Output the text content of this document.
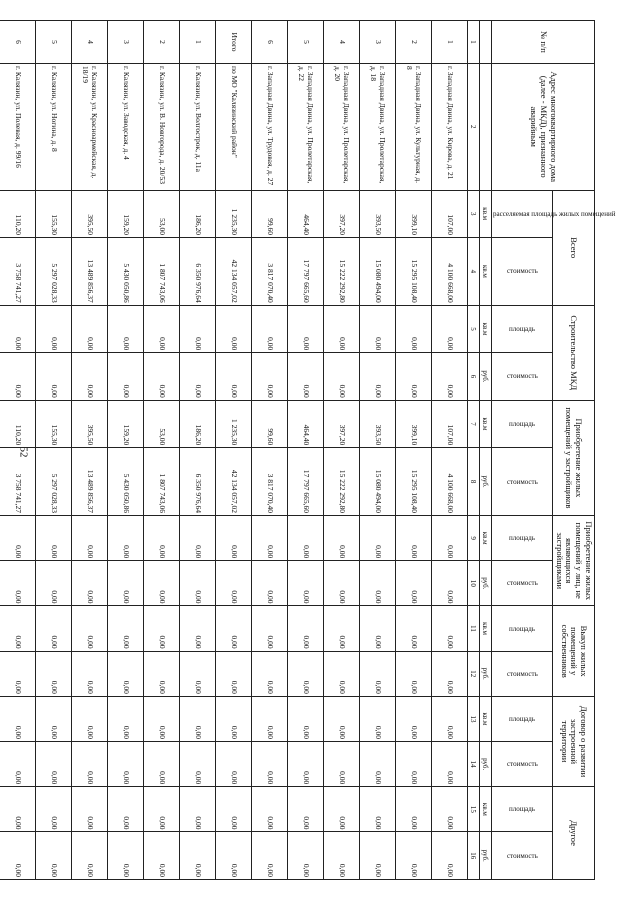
52
№ п/п	Адрес многоквартирного дома (далее - МКД), признанного аварийным	Всего		Строительство МКД		Приобретение жилых помещений у застройщиков		Приобретение жилых помещений у лиц, не являющихся застройщиками		Выкуп жилых помещений у собственников		Договор о развитии застроенной территории		Другое	

		расселяемая площадь жилых помещений	стоимость	площадь	стоимость	площадь	стоимость	площадь	стоимость	площадь	стоимость	площадь	стоимость	площадь	стоимость

		кв.м	кв.м	кв.м	руб.	кв.м	руб.	кв.м	руб.	кв.м	руб.	кв.м	руб.	кв.м	руб.
1	2	3	4	5	6	7	8	9	10	11	12	13	14	15	16
1	г. Западная Двина, ул. Кирова, д. 21	107,00	4 100 668,00	0,00	0,00	107,00	4 100 668,00	0,00	0,00	0,00	0,00	0,00	0,00	0,00	0,00
2	г. Западная Двина, ул. Культурная, д. 8	399,10	15 295 108,40	0,00	0,00	399,10	15 295 108,40	0,00	0,00	0,00	0,00	0,00	0,00	0,00	0,00
3	г. Западная Двина, ул. Пролетарская, д. 18	393,50	15 080 494,00	0,00	0,00	393,50	15 080 494,00	0,00	0,00	0,00	0,00	0,00	0,00	0,00	0,00
4	г. Западная Двина, ул. Пролетарская, д. 20	397,20	15 222 292,80	0,00	0,00	397,20	15 222 292,80	0,00	0,00	0,00	0,00	0,00	0,00	0,00	0,00
5	г. Западная Двина, ул. Пролетарская, д. 22	464,40	17 797 665,60	0,00	0,00	464,40	17 797 665,60	0,00	0,00	0,00	0,00	0,00	0,00	0,00	0,00
6	г. Западная Двина, ул. Трудовая, д. 27	99,60	3 817 070,40	0,00	0,00	99,60	3 817 070,40	0,00	0,00	0,00	0,00	0,00	0,00	0,00	0,00
Итого	по МО "Калязинский район"	1 235,30	42 134 057,02	0,00	0,00	1 235,30	42 134 057,02	0,00	0,00	0,00	0,00	0,00	0,00	0,00	0,00
1	г. Калязин, ул. Волгострок, д. 11а	186,20	6 350 976,64	0,00	0,00	186,20	6 350 976,64	0,00	0,00	0,00	0,00	0,00	0,00	0,00	0,00
2	г. Калязин, ул. В. Новгорода, д. 20/53	53,00	1 807 743,06	0,00	0,00	53,00	1 807 743,06	0,00	0,00	0,00	0,00	0,00	0,00	0,00	0,00
3	г. Калязин, ул. Заводская, д. 4	159,20	5 430 050,86	0,00	0,00	159,20	5 430 050,86	0,00	0,00	0,00	0,00	0,00	0,00	0,00	0,00
4	г. Калязин, ул. Красноармейская, д. 18/19	395,50	13 489 856,37	0,00	0,00	395,50	13 489 856,37	0,00	0,00	0,00	0,00	0,00	0,00	0,00	0,00
5	г. Калязин, ул. Ногина, д. 8	155,30	5 297 028,33	0,00	0,00	155,30	5 297 028,33	0,00	0,00	0,00	0,00	0,00	0,00	0,00	0,00
6	г. Калязин, ул. Полевая, д. 99/16	110,20	3 758 741,27	0,00	0,00	110,20	3 758 741,27	0,00	0,00	0,00	0,00	0,00	0,00	0,00	0,00
